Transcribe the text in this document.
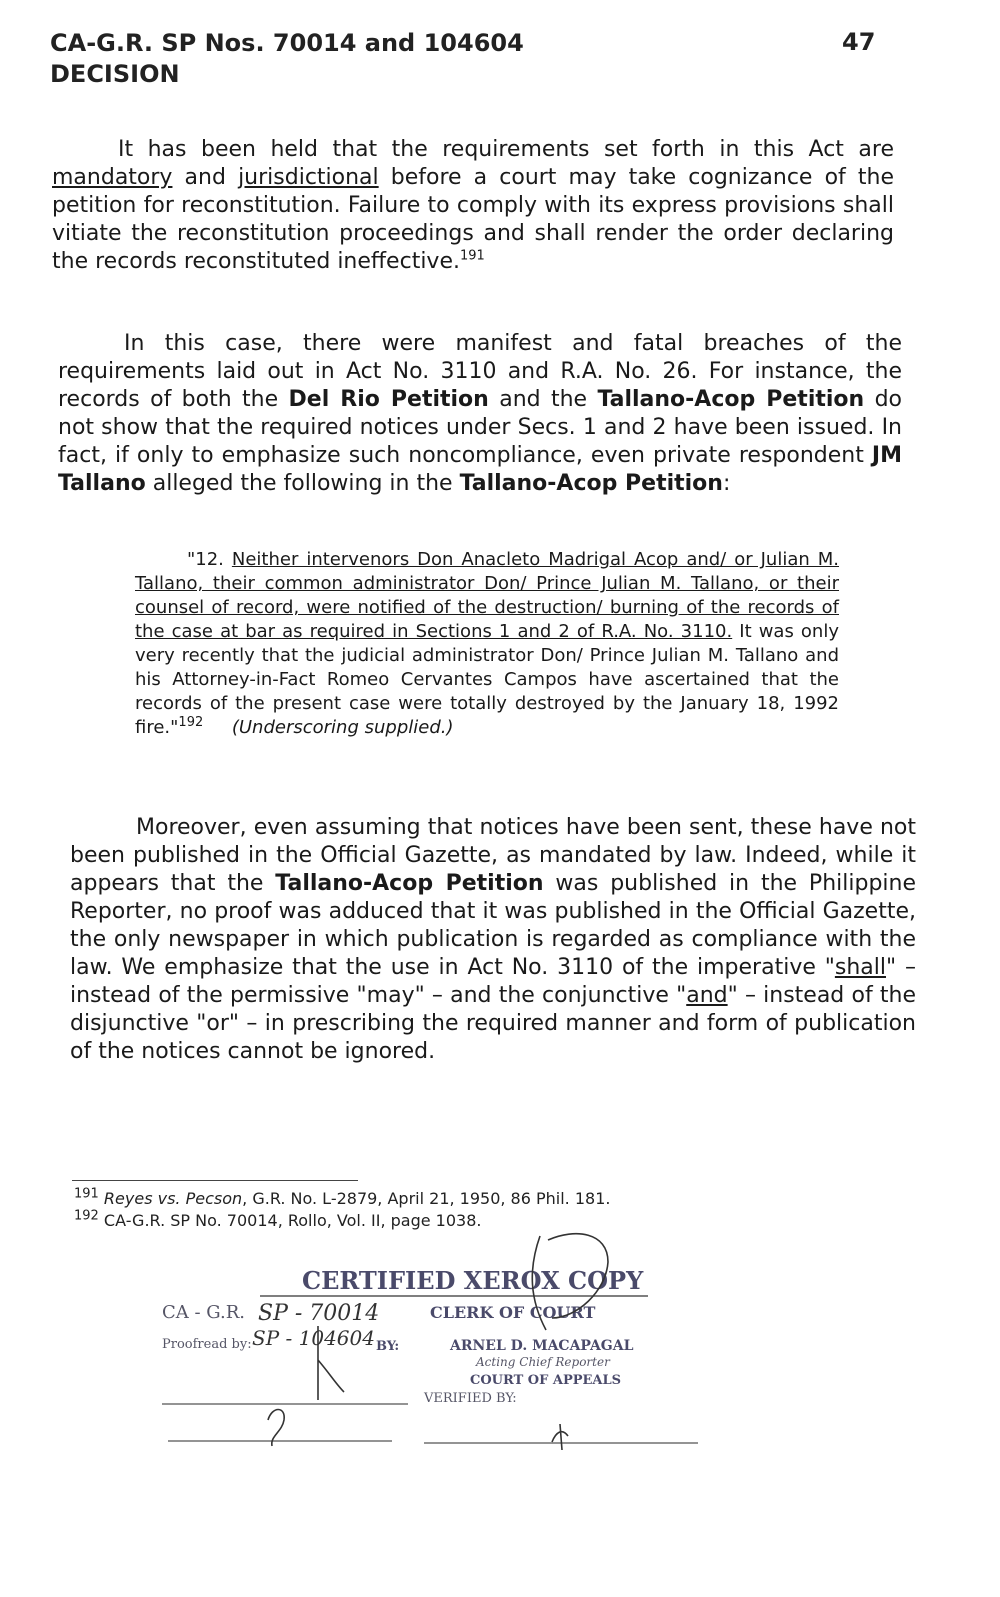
CA-G.R. SP Nos. 70014 and 104604
DECISION
47

It has been held that the requirements set forth in this Act are mandatory and jurisdictional before a court may take cognizance of the petition for reconstitution. Failure to comply with its express provisions shall vitiate the reconstitution proceedings and shall render the order declaring the records reconstituted ineffective.$^{191}$

In this case, there were manifest and fatal breaches of the requirements laid out in Act No. 3110 and R.A. No. 26. For instance, the records of both the Del Rio Petition and the Tallano-Acop Petition do not show that the required notices under Secs. 1 and 2 have been issued. In fact, if only to emphasize such noncompliance, even private respondent JM Tallano alleged the following in the Tallano-Acop Petition:

"12. Neither intervenors Don Anacleto Madrigal Acop and/ or Julian M. Tallano, their common administrator Don/ Prince Julian M. Tallano, or their counsel of record, were notified of the destruction/ burning of the records of the case at bar as required in Sections 1 and 2 of R.A. No. 3110. It was only very recently that the judicial administrator Don/ Prince Julian M. Tallano and his Attorney-in-Fact Romeo Cervantes Campos have ascertained that the records of the present case were totally destroyed by the January 18, 1992 fire."$^{192}$ (Underscoring supplied.)

Moreover, even assuming that notices have been sent, these have not been published in the Official Gazette, as mandated by law. Indeed, while it appears that the Tallano-Acop Petition was published in the Philippine Reporter, no proof was adduced that it was published in the Official Gazette, the only newspaper in which publication is regarded as compliance with the law. We emphasize that the use in Act No. 3110 of the imperative "shall" – instead of the permissive "may" – and the conjunctive "and" – instead of the disjunctive "or" – in prescribing the required manner and form of publication of the notices cannot be ignored.

$^{191}$ Reyes vs. Pecson, G.R. No. L-2879, April 21, 1950, 86 Phil. 181.
$^{192}$ CA-G.R. SP No. 70014, Rollo, Vol. II, page 1038.
CERTIFIED XEROX COPY
CA - G.R.	CLERK OF COURT
Proofread by:	BY:	ARNEL D. MACAPAGAL
Acting Chief Reporter
COURT OF APPEALS
VERIFIED BY:
SP - 70014
SP - 104604
